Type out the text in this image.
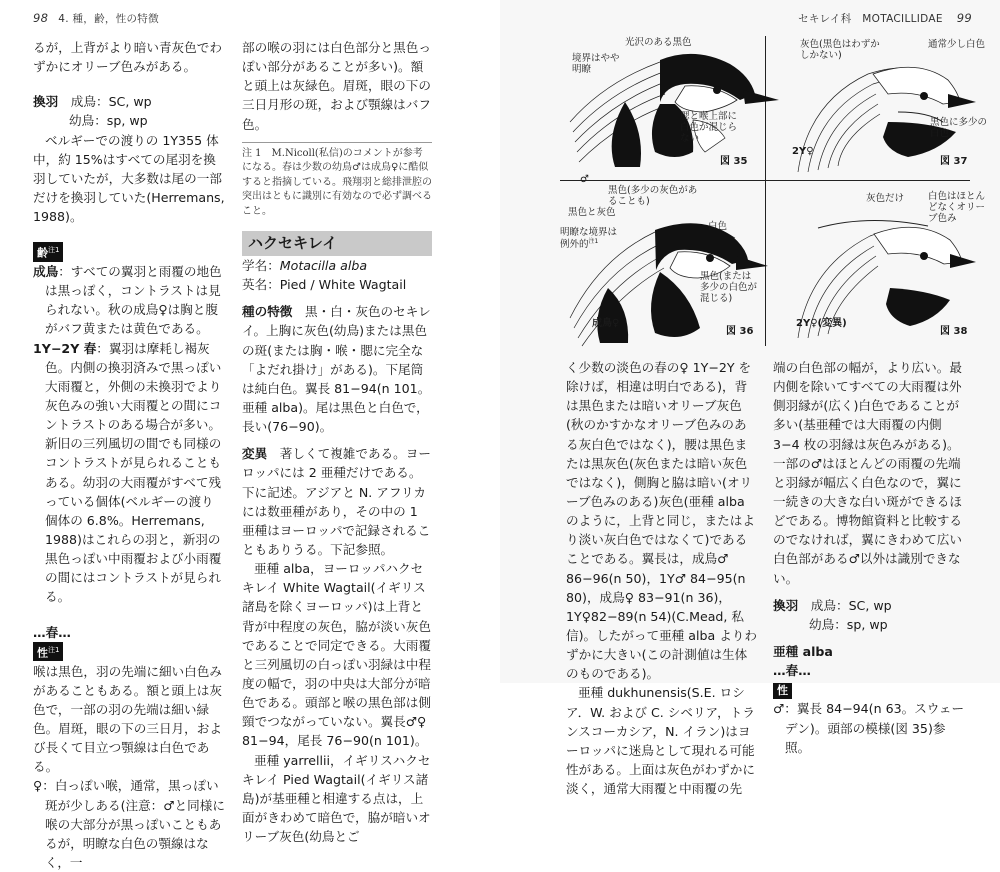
98 4. 種，齢，性の特徴

るが，上背がより暗い青灰色でわずかにオリーブ色みがある。

換羽　 成鳥：SC, wp

幼鳥：sp, wp

ベルギーでの渡りの 1Y355 体中，約 15%はすべての尾羽を換羽していたが，大多数は尾の一部だけを換羽していた(Herremans, 1988)。

齢$^{注1}$

成鳥：すべての翼羽と雨覆の地色は黒っぽく，コントラストは見られない。秋の成鳥♀は胸と腹がバフ黄または黄色である。

1Y−2Y 春：翼羽は摩耗し褐灰色。内側の換羽済みで黒っぽい大雨覆と，外側の未換羽でより灰色みの強い大雨覆との間にコントラストのある場合が多い。新旧の三列風切の間でも同様のコントラストが見られることもある。幼羽の大雨覆がすべて残っている個体(ベルギーの渡り個体の 6.8%。Herremans, 1988)はこれらの羽と，新羽の黒色っぽい中雨覆および小雨覆の間にはコントラストが見られる。

…春…

性$^{注1}$

喉は黒色，羽の先端に細い白色みがあることもある。額と頭上は灰色で，一部の羽の先端は細い緑色。眉斑，眼の下の三日月，および長くて目立つ顎線は白色である。

♀：白っぽい喉，通常，黒っぽい斑が少しある(注意：♂と同様に喉の大部分が黒っぽいこともあるが，明瞭な白色の顎線はなく，一

部の喉の羽には白色部分と黒色っぽい部分があることが多い)。額と頭上は灰緑色。眉斑，眼の下の三日月形の斑，および顎線はバフ色。

注 1　 M.Nicoll(私信)のコメントが参考になる。春は少数の幼鳥♂は成鳥♀に酷似すると指摘している。飛翔羽と総排泄腔の突出はともに識別に有効なので必ず調べること。
ハクセキレイ

学名：Motacilla alba

英名：Pied / White Wagtail

種の特徴　 黒・白・灰色のセキレイ。上胸に灰色(幼鳥)または黒色の斑(または胸・喉・腮に完全な「よだれ掛け」がある)。下尾筒は純白色。翼長 81−94(n 101。亜種 alba)。尾は黒色と白色で，長い(76−90)。

変異　 著しくて複雑である。ヨーロッパには 2 亜種だけである。下に記述。アジアと N. アフリカには数亜種があり，その中の 1 亜種はヨーロッパで記録されることもありうる。下記参照。

亜種 alba，ヨーロッパハクセキレイ White Wagtail(イギリス諸島を除くヨーロッパ)は上背と背が中程度の灰色，脇が淡い灰色であることで同定できる。大雨覆と三列風切の白っぽい羽緑は中程度の幅で，羽の中央は大部分が暗色である。頭部と喉の黒色部は側頸でつながっていない。翼長♂♀ 81−94，尾長 76−90(n 101)。

亜種 yarrellii，イギリスハクセキレイ Pied Wagtail(イギリス諸島)が基亜種と相違する点は，上面がきわめて暗色で，脇が暗いオリーブ灰色(幼鳥とご

セキレイ科　MOTACILLIDAE 99
光沢のある黒色
境界はやや明瞭
腮と喉上部に白色が混じらない
♂
図 35
灰色(黒色はわずかしかない)
通常少し白色
黒色に多少の白色
2Y♀
図 37
黒色(多少の灰色があることも)
黒色と灰色
明瞭な境界は例外的$^{注1}$
白色
黒色(または多少の白色が混じる)
成鳥♀
図 36
灰色だけ	白色はほとんどなくオリーブ色み
2Y♀(変異)
図 38

く少数の淡色の春の♀ 1Y−2Y を除けば，相違は明白である)，背は黒色または暗いオリーブ灰色(秋のかすかなオリーブ色みのある灰白色ではなく)，腰は黒色または黒灰色(灰色または暗い灰色ではなく)，側胸と脇は暗い(オリーブ色みのある)灰色(亜種 alba のように，上背と同じ，またはより淡い灰白色ではなくて)であることである。翼長は，成鳥♂ 86−96(n 50)，1Y♂ 84−95(n 80)，成鳥♀ 83−91(n 36)，1Y♀82−89(n 54)(C.Mead, 私信)。したがって亜種 alba よりわずかに大きい(この計測値は生体のものである)。

亜種 dukhunensis(S.E. ロシア．W. および C. シベリア，トランスコーカシア，N. イラン)はヨーロッパに迷鳥として現れる可能性がある。上面は灰色がわずかに淡く，通常大雨覆と中雨覆の先

端の白色部の幅が，より広い。最内側を除いてすべての大雨覆は外側羽縁が(広く)白色であることが多い(基亜種では大雨覆の内側 3−4 枚の羽縁は灰色みがある)。一部の♂はほとんどの雨覆の先端と羽縁が幅広く白色なので，翼に一続きの大きな白い斑ができるほどである。博物館資料と比較するのでなければ，翼にきわめて広い白色部がある♂以外は識別できない。

換羽　 成鳥：SC, wp

幼鳥：sp, wp

亜種 alba

…春…

性

♂：翼長 84−94(n 63。スウェーデン)。頭部の模様(図 35)参照。
